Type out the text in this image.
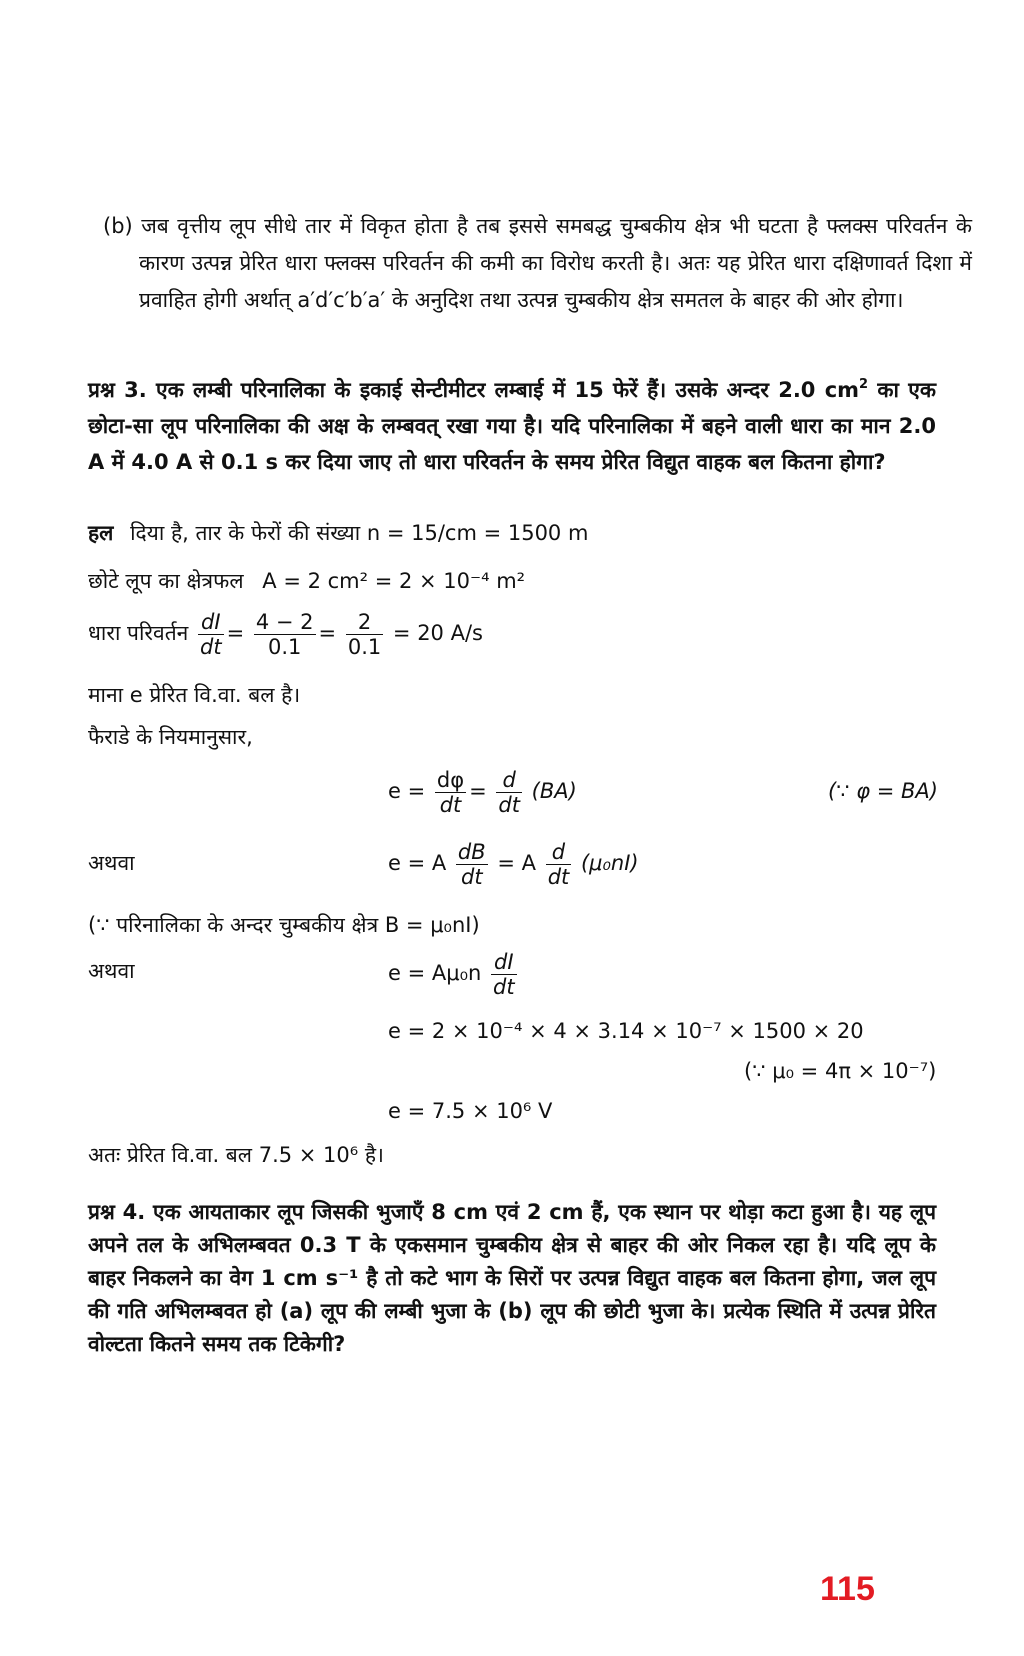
(b) जब वृत्तीय लूप सीधे तार में विकृत होता है तब इससे समबद्ध चुम्बकीय क्षेत्र भी घटता है फ्लक्स परिवर्तन के कारण उत्पन्न प्रेरित धारा फ्लक्स परिवर्तन की कमी का विरोध करती है। अतः यह प्रेरित धारा दक्षिणावर्त दिशा में प्रवाहित होगी अर्थात् a′d′c′b′a′ के अनुदिश तथा उत्पन्न चुम्बकीय क्षेत्र समतल के बाहर की ओर होगा।
प्रश्न 3. एक लम्बी परिनालिका के इकाई सेन्टीमीटर लम्बाई में 15 फेरें हैं। उसके अन्दर 2.0 $cm^2$ का एक छोटा-सा लूप परिनालिका की अक्ष के लम्बवत् रखा गया है। यदि परिनालिका में बहने वाली धारा का मान 2.0 A में 4.0 A से 0.1 s कर दिया जाए तो धारा परिवर्तन के समय प्रेरित विद्युत वाहक बल कितना होगा?
हल दिया है, तार के फेरों की संख्या n = 15/cm = 1500 m
छोटे लूप का क्षेत्रफल A = 2 cm² = 2 × 10⁻⁴ m²
धारा परिवर्तन $\frac{dI}{dt} = \frac{4 - 2}{0.1} = \frac{2}{0.1} = 20$ A/s
माना e प्रेरित वि.वा. बल है।
फैराडे के नियमानुसार,
$e = \frac{d\varphi}{dt} = \frac{d}{dt} (BA)$	(∵ φ = BA)
अथवा	e = A $\frac{dB}{dt} = A \frac{d}{dt} (\mu_0nI)$
(∵ परिनालिका के अन्दर चुम्बकीय क्षेत्र B = μ₀nI)
अथवा	$e = A\mu_0n \frac{dI}{dt}$
e = 2 × 10⁻⁴ × 4 × 3.14 × 10⁻⁷ × 1500 × 20
(∵ μ₀ = 4π × 10⁻⁷)
e = 7.5 × 10⁶ V
अतः प्रेरित वि.वा. बल 7.5 × 10⁶ है।
प्रश्न 4. एक आयताकार लूप जिसकी भुजाएँ 8 cm एवं 2 cm हैं, एक स्थान पर थोड़ा कटा हुआ है। यह लूप अपने तल के अभिलम्बवत 0.3 T के एकसमान चुम्बकीय क्षेत्र से बाहर की ओर निकल रहा है। यदि लूप के बाहर निकलने का वेग 1 cm s⁻¹ है तो कटे भाग के सिरों पर उत्पन्न विद्युत वाहक बल कितना होगा, जल लूप की गति अभिलम्बवत हो (a) लूप की लम्बी भुजा के (b) लूप की छोटी भुजा के। प्रत्येक स्थिति में उत्पन्न प्रेरित वोल्टता कितने समय तक टिकेगी?
115
